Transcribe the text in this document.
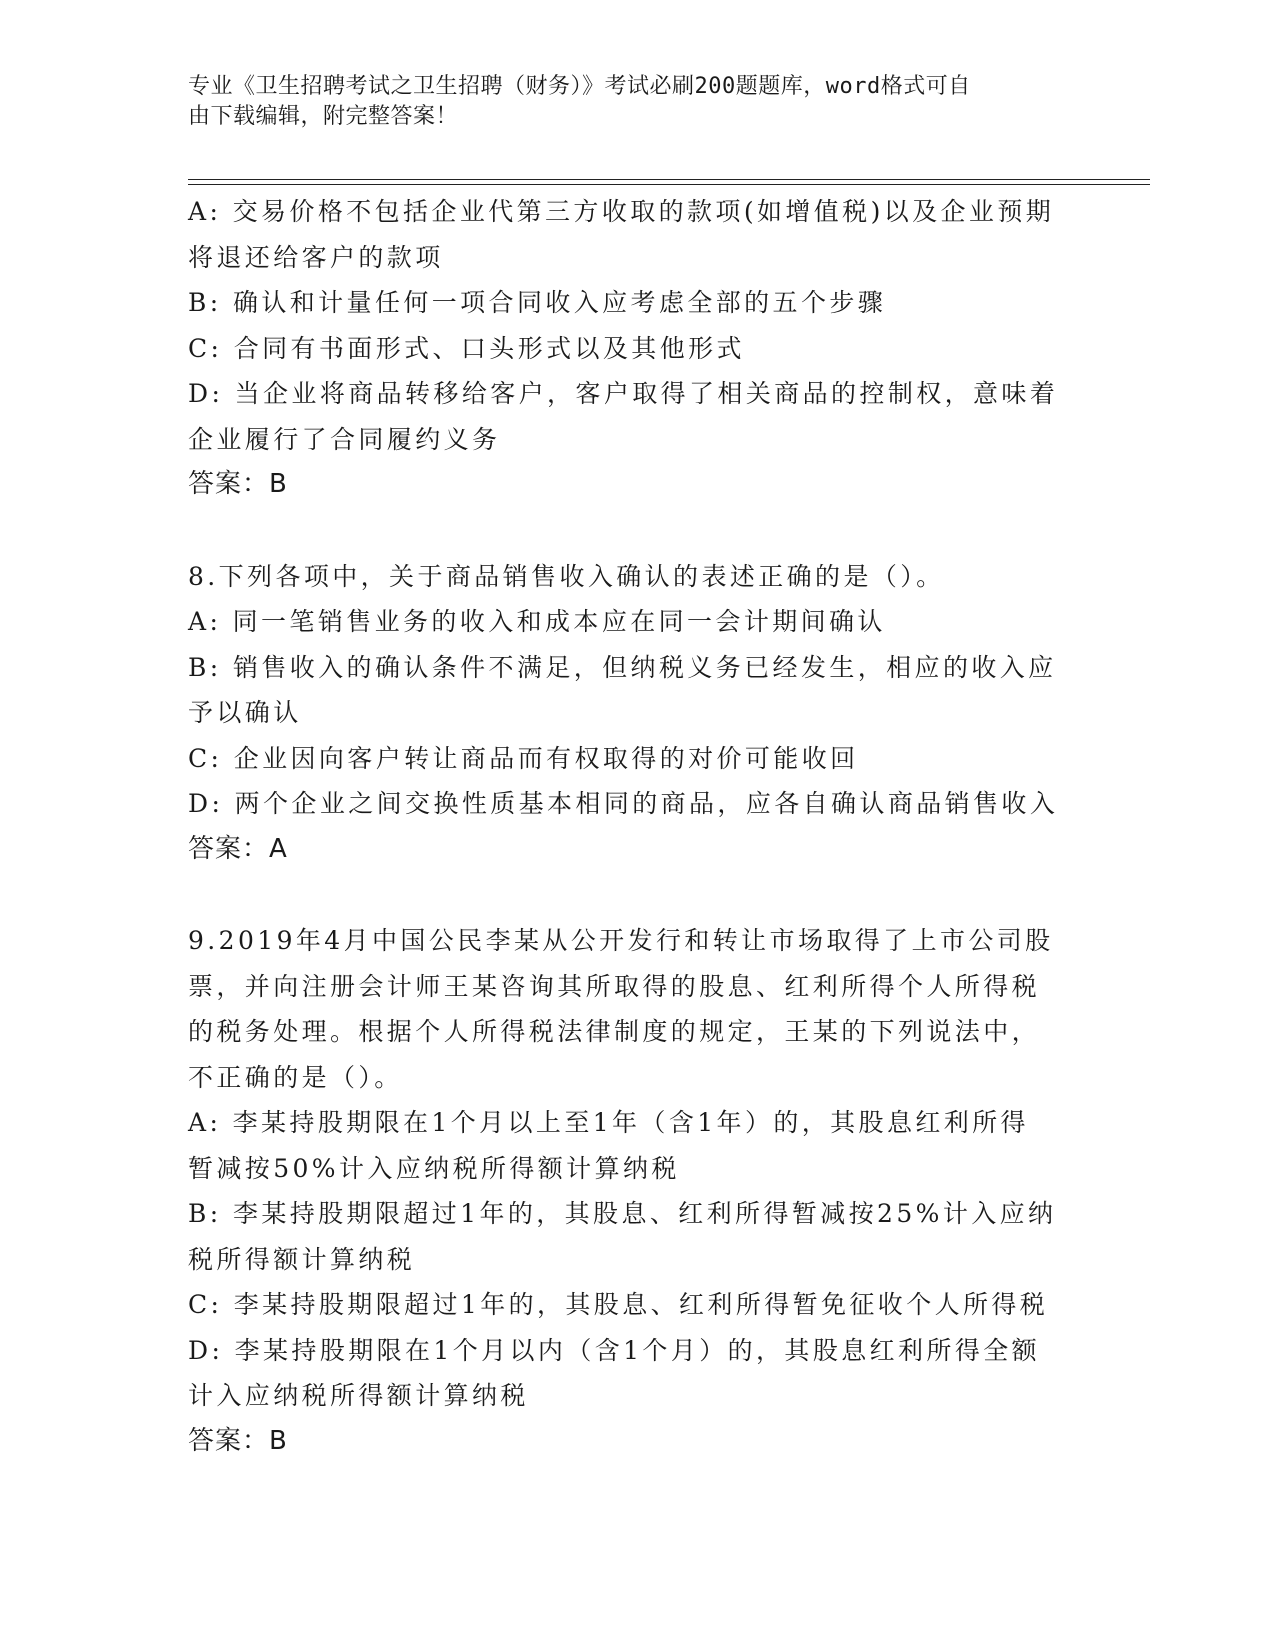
专业《卫生招聘考试之卫生招聘（财务）》考试必刷200题题库，word格式可自
由下载编辑，附完整答案！
A: 交易价格不包括企业代第三方收取的款项(如增值税)以及企业预期
将退还给客户的款项
B: 确认和计量任何一项合同收入应考虑全部的五个步骤
C: 合同有书面形式、口头形式以及其他形式
D: 当企业将商品转移给客户，客户取得了相关商品的控制权，意味着
企业履行了合同履约义务
答案：B
8.下列各项中，关于商品销售收入确认的表述正确的是（）。
A: 同一笔销售业务的收入和成本应在同一会计期间确认
B: 销售收入的确认条件不满足，但纳税义务已经发生，相应的收入应
予以确认
C: 企业因向客户转让商品而有权取得的对价可能收回
D: 两个企业之间交换性质基本相同的商品，应各自确认商品销售收入
答案：A
9.2019年4月中国公民李某从公开发行和转让市场取得了上市公司股
票，并向注册会计师王某咨询其所取得的股息、红利所得个人所得税
的税务处理。根据个人所得税法律制度的规定，王某的下列说法中，
不正确的是（）。
A: 李某持股期限在1个月以上至1年（含1年）的，其股息红利所得
暂减按50%计入应纳税所得额计算纳税
B: 李某持股期限超过1年的，其股息、红利所得暂减按25%计入应纳
税所得额计算纳税
C: 李某持股期限超过1年的，其股息、红利所得暂免征收个人所得税
D: 李某持股期限在1个月以内（含1个月）的，其股息红利所得全额
计入应纳税所得额计算纳税
答案：B
